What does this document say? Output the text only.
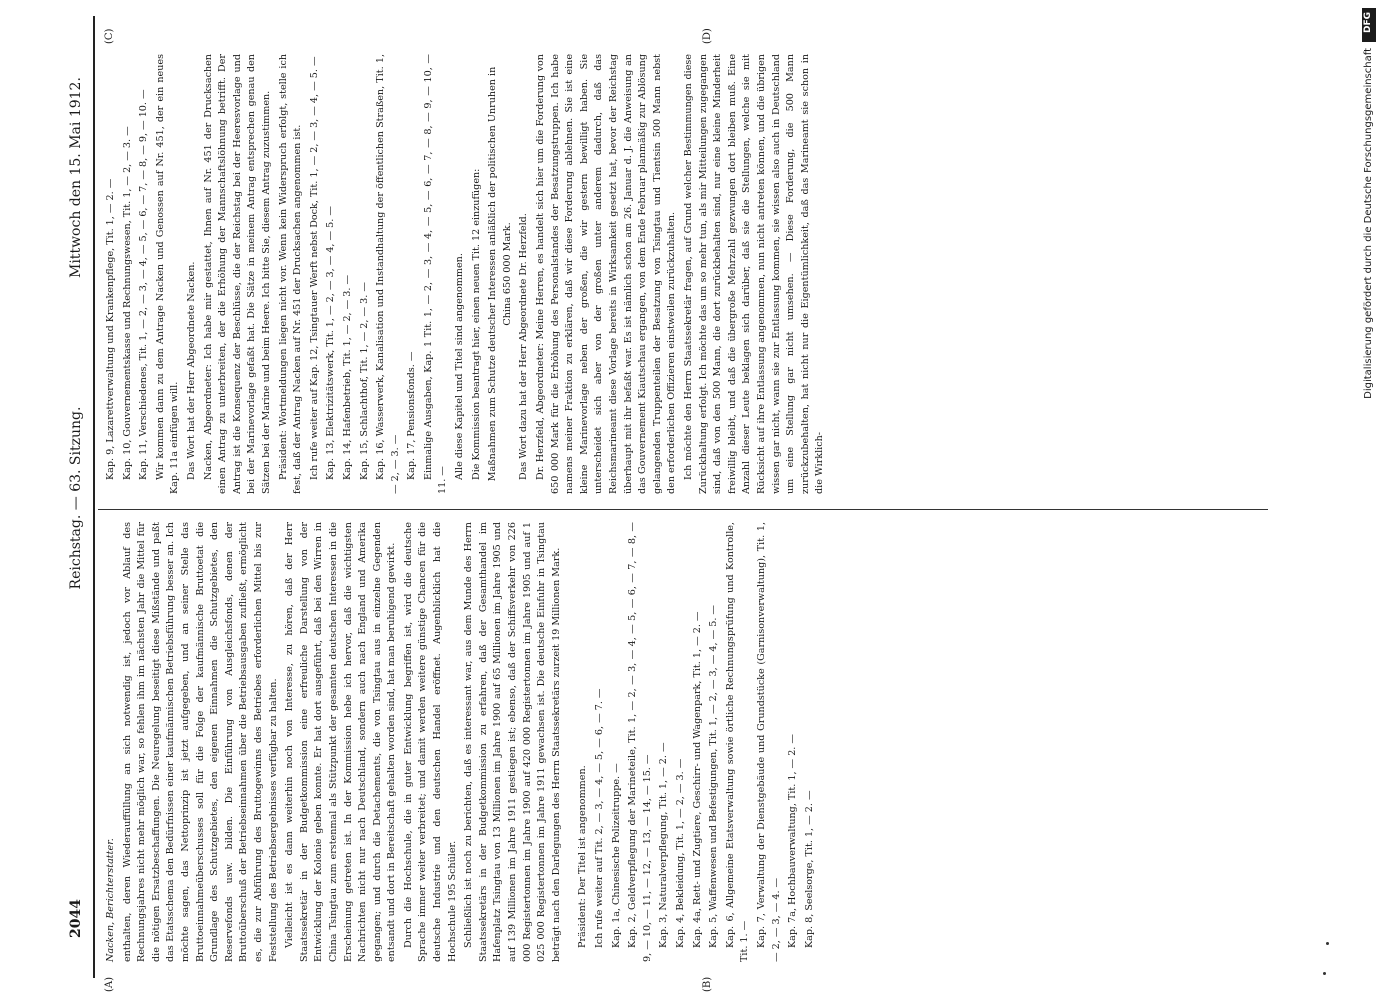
2044
Reichstag. — 63. Sitzung.
Mittwoch den 15. Mai 1912.
(A)	(B)
(C)	(D)

Nacken, Berichterstatter. enthalten, deren Wiederauffüllung an sich notwendig ist, jedoch vor Ablauf des Rechnungsjahres nicht mehr möglich war, so fehlen ihm im nächsten Jahr die Mittel für die nötigen Ersatzbeschaffungen. Die Neuregelung beseitigt diese Mißstände und paßt das Etatsschema den Bedürfnissen einer kaufmännischen Betriebsführung besser an. Ich möchte sagen, das Nettoprinzip ist jetzt aufgegeben, und an seiner Stelle das Bruttoeinnahmeüberschusses soll für die Folge der kaufmännische Bruttoetat die Grundlage des Schutzgebietes, den eigenen Einnahmen die Schutzgebietes, den Reservefonds usw. bilden. Die Einführung von Ausgleichsfonds, denen der Bruttoüberschuß der Betriebseinnahmen über die Betriebsausgaben zufließt, ermöglicht es, die zur Abführung des Bruttogewinns des Betriebes erforderlichen Mittel bis zur Feststellung des Betriebsergebnisses verfügbar zu halten. Vielleicht ist es dann weiterhin noch von Interesse, zu hören, daß der Herr Staatssekretär in der Budgetkommission eine erfreuliche Darstellung von der Entwicklung der Kolonie geben konnte. Er hat dort ausgeführt, daß bei den Wirren in China Tsingtau zum erstenmal als Stützpunkt der gesamten deutschen Interessen in die Erscheinung getreten ist. In der Kommission hebe ich hervor, daß die wichtigsten Nachrichten nicht nur nach Deutschland, sondern auch nach England und Amerika gegangen; und durch die Detachements, die von Tsingtau aus in einzelne Gegenden entsandt und dort in Bereitschaft gehalten worden sind, hat man beruhigend gewirkt. Durch die Hochschule, die in guter Entwicklung begriffen ist, wird die deutsche Sprache immer weiter verbreitet; und damit werden weitere günstige Chancen für die deutsche Industrie und den deutschen Handel eröffnet. Augenblicklich hat die Hochschule 195 Schüler. Schließlich ist noch zu berichten, daß es interessant war, aus dem Munde des Herrn Staatssekretärs in der Budgetkommission zu erfahren, daß der Gesamthandel im Hafenplatz Tsingtau von 13 Millionen im Jahre 1900 auf 65 Millionen im Jahre 1905 und auf 139 Millionen im Jahre 1911 gestiegen ist; ebenso, daß der Schiffsverkehr von 226 000 Registertonnen im Jahre 1900 auf 420 000 Registertonnen im Jahre 1905 und auf 1 025 000 Registertonnen im Jahre 1911 gewachsen ist. Die deutsche Einfuhr in Tsingtau beträgt nach den Darlegungen des Herrn Staatssekretärs zurzeit 19 Millionen Mark. Präsident: Der Titel ist angenommen. Ich rufe weiter auf Tit. 2, — 3, — 4, — 5, — 6, — 7. — Kap. 1a, Chinesische Polizeitruppe. — Kap. 2, Geldverpflegung der Marineteile, Tit. 1, — 2, — 3, — 4, — 5, — 6, — 7, — 8, — 9, — 10, — 11, — 12, — 13, — 14, — 15. — Kap. 3, Naturalverpflegung, Tit. 1, — 2. — Kap. 4, Bekleidung, Tit. 1, — 2, — 3. — Kap. 4a, Rett- und Zugtiere, Geschirr- und Wagenpark, Tit. 1, — 2. — Kap. 5, Waffenwesen und Befestigungen, Tit. 1, — 2, — 3, — 4, — 5. — Kap. 6, Allgemeine Etatsverwaltung sowie örtliche Rechnungsprüfung und Kontrolle, Tit. 1. — Kap. 7, Verwaltung der Dienstgebäude und Grundstücke (Garnisonverwaltung), Tit. 1, — 2, — 3, — 4. — Kap. 7a, Hochbauverwaltung, Tit. 1, — 2. — Kap. 8, Seelsorge, Tit. 1, — 2. —

Kap. 9, Lazarettverwaltung und Krankenpflege, Tit. 1, — 2. — Kap. 10, Gouvernementskasse und Rechnungswesen, Tit. 1, — 2, — 3. — Kap. 11, Verschiedenes, Tit. 1, — 2, — 3, — 4, — 5, — 6, — 7, — 8, — 9, — 10. — Wir kommen dann zu dem Antrage Nacken und Genossen auf Nr. 451, der ein neues Kap. 11a einfügen will. Das Wort hat der Herr Abgeordnete Nacken. Nacken, Abgeordneter: Ich habe mir gestattet, Ihnen auf Nr. 451 der Drucksachen einen Antrag zu unterbreiten, der die Erhöhung der Mannschaftslöhnung betrifft. Der Antrag ist die Konsequenz der Beschlüsse, die der Reichstag bei der Heeresvorlage und bei der Marinevorlage gefaßt hat. Die Sätze in meinem Antrag entsprechen genau den Sätzen bei der Marine und beim Heere. Ich bitte Sie, diesem Antrag zuzustimmen. Präsident: Wortmeldungen liegen nicht vor. Wenn kein Widerspruch erfolgt, stelle ich fest, daß der Antrag Nacken auf Nr. 451 der Drucksachen angenommen ist. Ich rufe weiter auf Kap. 12, Tsingtauer Werft nebst Dock, Tit. 1, — 2, — 3, — 4, — 5. — Kap. 13, Elektrizitätswerk, Tit. 1, — 2, — 3, — 4, — 5. — Kap. 14, Hafenbetrieb, Tit. 1, — 2, — 3. — Kap. 15, Schlachthof, Tit. 1, — 2, — 3. — Kap. 16, Wasserwerk, Kanalisation und Instandhaltung der öffentlichen Straßen, Tit. 1, — 2, — 3. — Kap. 17, Pensionsfonds. — Einmalige Ausgaben, Kap. 1 Tit. 1, — 2, — 3, — 4, — 5, — 6, — 7, — 8, — 9, — 10, — 11. —

Alle diese Kapitel und Titel sind angenommen. Die Kommission beantragt hier, einen neuen Tit. 12 einzufügen: Maßnahmen zum Schutze deutscher Interessen anläßlich der politischen Unruhen in China 650 000 Mark. Das Wort dazu hat der Herr Abgeordnete Dr. Herzfeld. Dr. Herzfeld, Abgeordneter: Meine Herren, es handelt sich hier um die Forderung von 650 000 Mark für die Erhöhung des Personalstandes der Besatzungstruppen. Ich habe namens meiner Fraktion zu erklären, daß wir diese Forderung ablehnen. Sie ist eine kleine Marinevorlage neben der großen, die wir gestern bewilligt haben. Sie unterscheidet sich aber von der großen unter anderem dadurch, daß das Reichsmarineamt diese Vorlage bereits in Wirksamkeit gesetzt hat, bevor der Reichstag überhaupt mit ihr befaßt war. Es ist nämlich schon am 26. Januar d. J. die Anweisung an das Gouvernement Kiautschau ergangen, von dem Ende Februar planmäßig zur Ablösung gelangenden Truppenteilen der Besatzung von Tsingtau und Tientsin 500 Mann nebst den erforderlichen Offizieren einstweilen zurückzuhalten. Ich möchte den Herrn Staatssekretär fragen, auf Grund welcher Bestimmungen diese Zurückhaltung erfolgt. Ich möchte das um so mehr tun, als mir Mitteilungen zugegangen sind, daß von den 500 Mann, die dort zurückbehalten sind, nur eine kleine Minderheit freiwillig bleibt, und daß die übergroße Mehrzahl gezwungen dort bleiben muß. Eine Anzahl dieser Leute beklagen sich darüber, daß sie die Stellungen, welche sie mit Rücksicht auf ihre Entlassung angenommen, nun nicht antreten können, und die übrigen wissen gar nicht, wann sie zur Entlassung kommen, sie wissen also auch in Deutschland um eine Stellung gar nicht umsehen. — Diese Forderung, die 500 Mann zurückzubehalten, hat nicht nur die Eigentümlichkeit, daß das Marineamt sie schon in die Wirklich-

DFG
Digitalisierung gefördert durch die Deutsche Forschungsgemeinschaft
